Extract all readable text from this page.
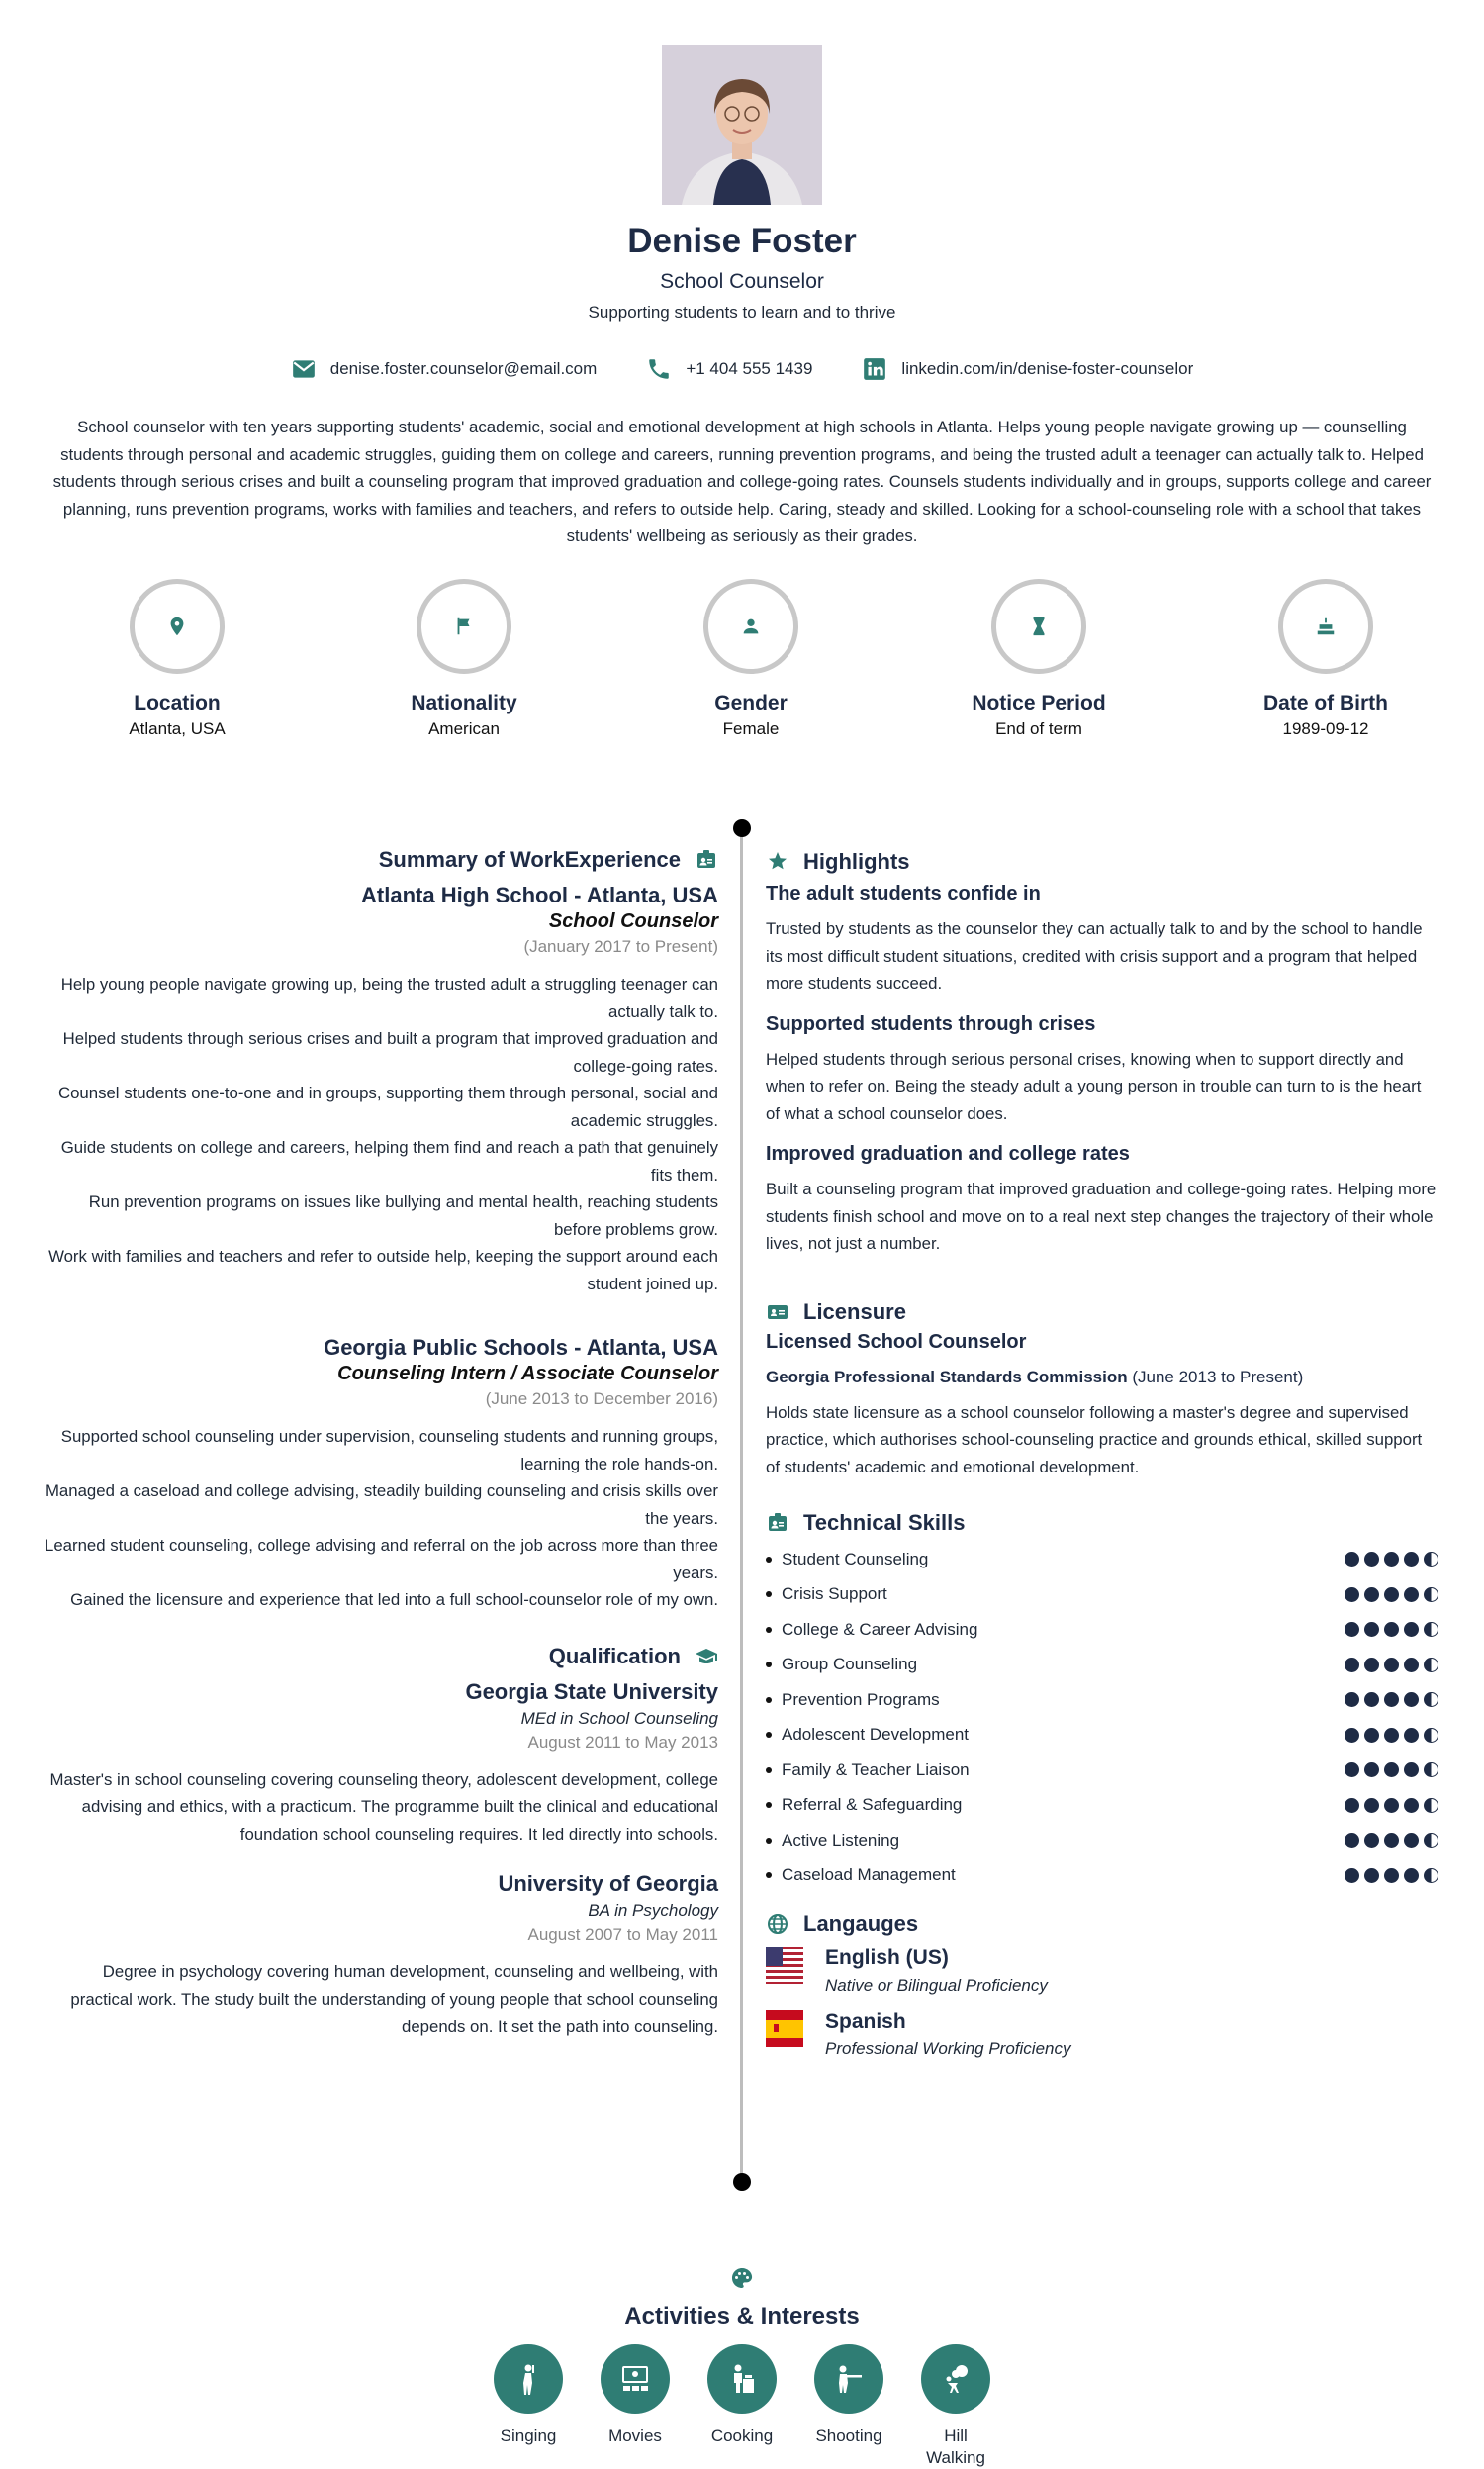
Denise Foster
School Counselor
Supporting students to learn and to thrive
denise.foster.counselor@email.com	+1 404 555 1439	linkedin.com/in/denise-foster-counselor

School counselor with ten years supporting students' academic, social and emotional development at high schools in Atlanta. Helps young people navigate growing up — counselling students through personal and academic struggles, guiding them on college and careers, running prevention programs, and being the trusted adult a teenager can actually talk to. Helped students through serious crises and built a counseling program that improved graduation and college-going rates. Counsels students individually and in groups, supports college and career planning, runs prevention programs, works with families and teachers, and refers to outside help. Caring, steady and skilled. Looking for a school-counseling role with a school that takes students' wellbeing as seriously as their grades.

Location
Atlanta, USA
Nationality
American
Gender
Female
Notice Period
End of term
Date of Birth
1989-09-12
Summary of WorkExperience
Atlanta High School - Atlanta, USA
School Counselor
(January 2017 to Present)
Help young people navigate growing up, being the trusted adult a struggling teenager can actually talk to.
Helped students through serious crises and built a program that improved graduation and college-going rates.
Counsel students one-to-one and in groups, supporting them through personal, social and academic struggles.
Guide students on college and careers, helping them find and reach a path that genuinely fits them.
Run prevention programs on issues like bullying and mental health, reaching students before problems grow.
Work with families and teachers and refer to outside help, keeping the support around each student joined up.
Georgia Public Schools - Atlanta, USA
Counseling Intern / Associate Counselor
(June 2013 to December 2016)
Supported school counseling under supervision, counseling students and running groups, learning the role hands-on.
Managed a caseload and college advising, steadily building counseling and crisis skills over the years.
Learned student counseling, college advising and referral on the job across more than three years.
Gained the licensure and experience that led into a full school-counselor role of my own.
Qualification
Georgia State University
MEd in School Counseling
August 2011 to May 2013
Master's in school counseling covering counseling theory, adolescent development, college advising and ethics, with a practicum. The programme built the clinical and educational foundation school counseling requires. It led directly into schools.
University of Georgia
BA in Psychology
August 2007 to May 2011
Degree in psychology covering human development, counseling and wellbeing, with practical work. The study built the understanding of young people that school counseling depends on. It set the path into counseling.
Highlights
The adult students confide in
Trusted by students as the counselor they can actually talk to and by the school to handle its most difficult student situations, credited with crisis support and a program that helped more students succeed.
Supported students through crises
Helped students through serious personal crises, knowing when to support directly and when to refer on. Being the steady adult a young person in trouble can turn to is the heart of what a school counselor does.
Improved graduation and college rates
Built a counseling program that improved graduation and college-going rates. Helping more students finish school and move on to a real next step changes the trajectory of their whole lives, not just a number.
Licensure
Licensed School Counselor
Georgia Professional Standards Commission (June 2013 to Present)
Holds state licensure as a school counselor following a master's degree and supervised practice, which authorises school-counseling practice and grounds ethical, skilled support of students' academic and emotional development.
Technical Skills
Student Counseling
Crisis Support
College & Career Advising
Group Counseling
Prevention Programs
Adolescent Development
Family & Teacher Liaison
Referral & Safeguarding
Active Listening
Caseload Management
Langauges
English (US)
Native or Bilingual Proficiency
Spanish
Professional Working Proficiency
Activities & Interests
Singing	Movies	Cooking	Shooting	Hill Walking
